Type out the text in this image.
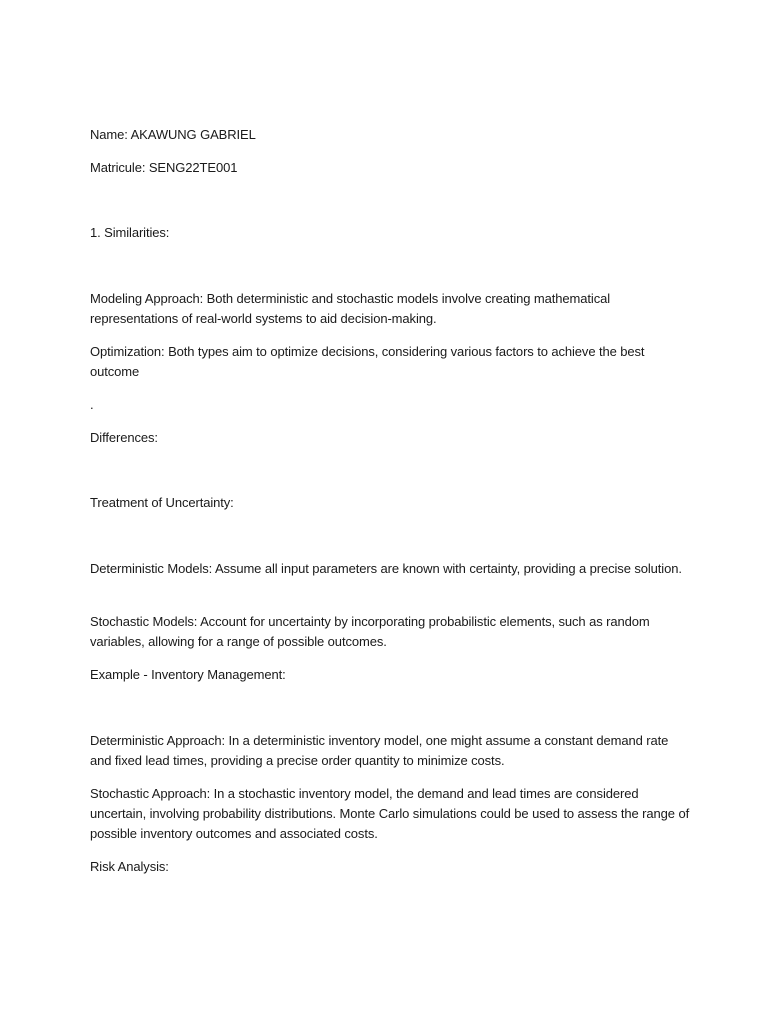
Name: AKAWUNG GABRIEL
Matricule: SENG22TE001
1. Similarities:
Modeling Approach: Both deterministic and stochastic models involve creating mathematical representations of real-world systems to aid decision-making.
Optimization: Both types aim to optimize decisions, considering various factors to achieve the best outcome
.
Differences:
Treatment of Uncertainty:
Deterministic Models: Assume all input parameters are known with certainty, providing a precise solution.
Stochastic Models: Account for uncertainty by incorporating probabilistic elements, such as random variables, allowing for a range of possible outcomes.
Example - Inventory Management:
Deterministic Approach: In a deterministic inventory model, one might assume a constant demand rate and fixed lead times, providing a precise order quantity to minimize costs.
Stochastic Approach: In a stochastic inventory model, the demand and lead times are considered uncertain, involving probability distributions. Monte Carlo simulations could be used to assess the range of possible inventory outcomes and associated costs.
Risk Analysis:
